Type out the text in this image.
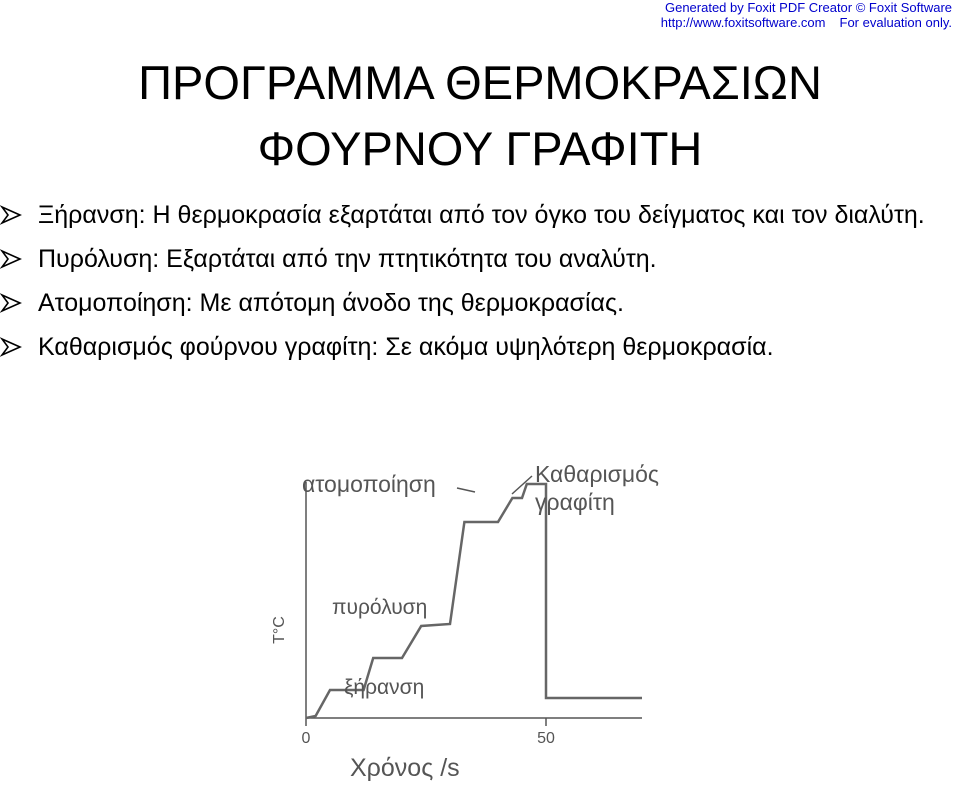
Generated by Foxit PDF Creator © Foxit Software
http://www.foxitsoftware.com For evaluation only.
ΠΡΟΓΡΑΜΜΑ ΘΕΡΜΟΚΡΑΣΙΩΝ
ΦΟΥΡΝΟΥ ΓΡΑΦΙΤΗ
Ξήρανση: Η θερμοκρασία εξαρτάται από τον όγκο του δείγματος και τον διαλύτη.
Πυρόλυση: Εξαρτάται από την πτητικότητα του αναλύτη.
Ατομοποίηση: Με απότομη άνοδο της θερμοκρασίας.
Καθαρισμός φούρνου γραφίτη: Σε ακόμα υψηλότερη θερμοκρασία.
T°C
Χρόνος /s
0	50
ατομοποίηση	Καθαρισμός
γραφίτη
πυρόλυση
ξήρανση
